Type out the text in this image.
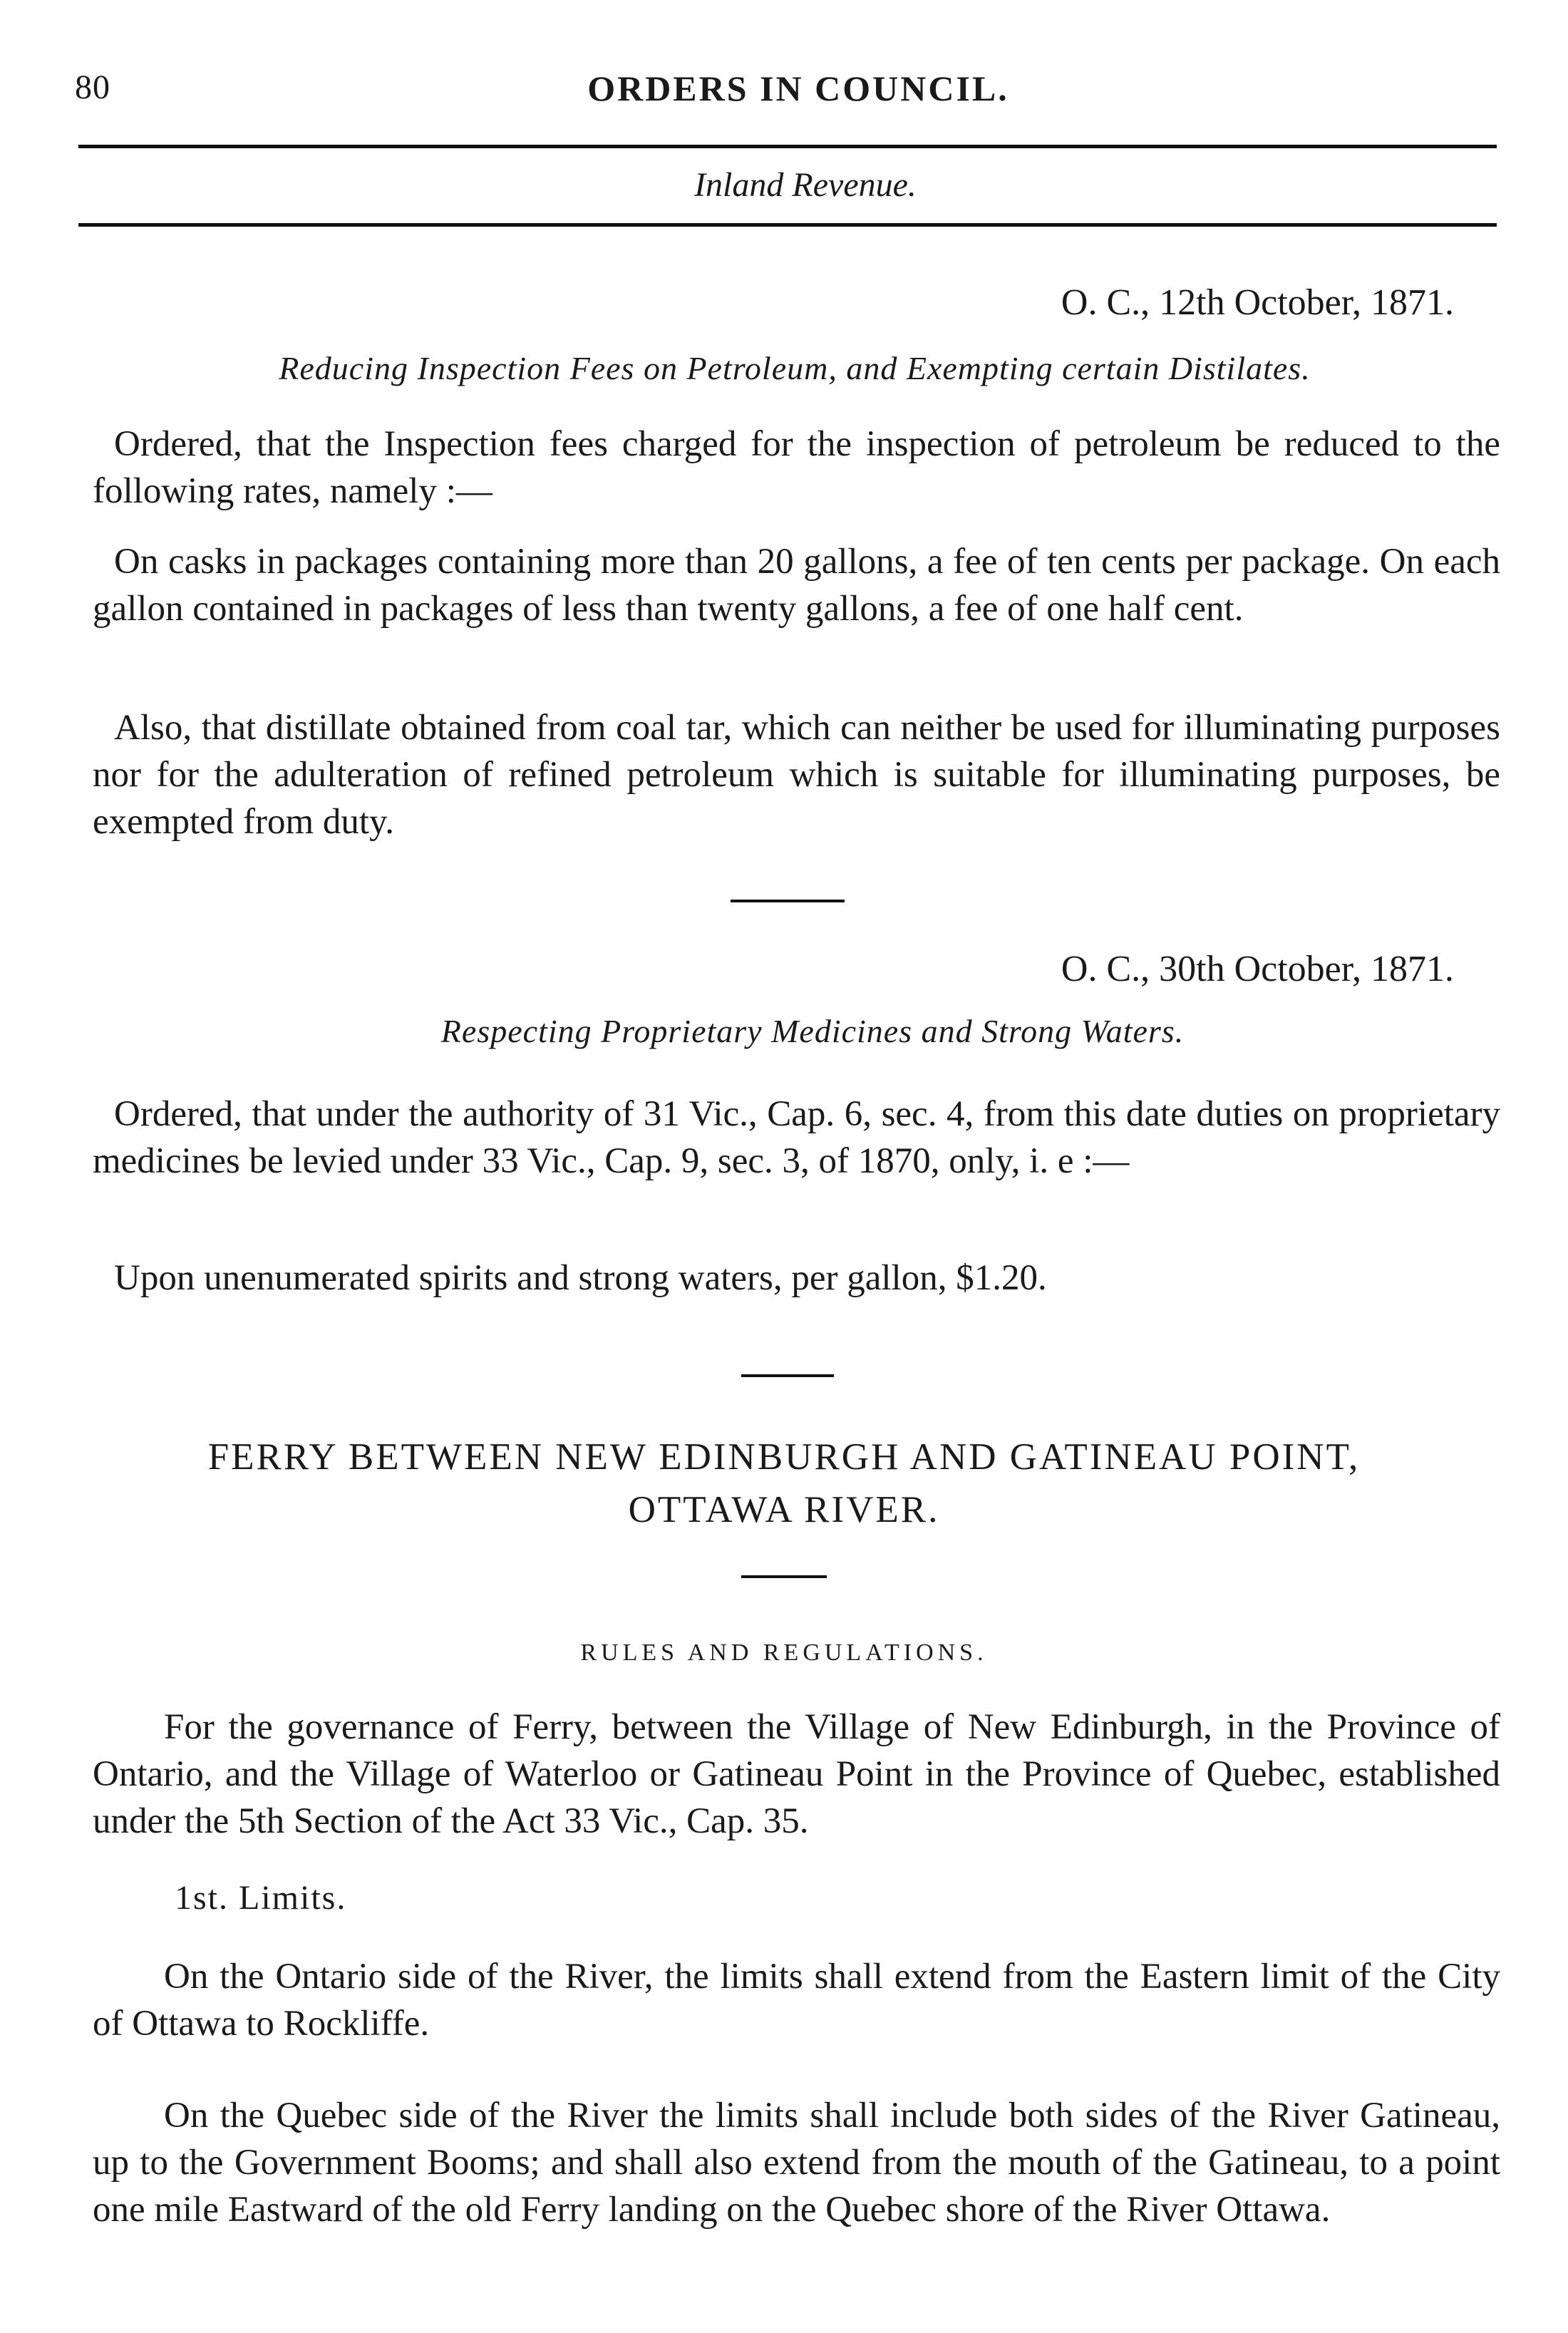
80	ORDERS IN COUNCIL.
Inland Revenue.
O. C., 12th October, 1871.
Reducing Inspection Fees on Petroleum, and Exempting certain Distilates.
Ordered, that the Inspection fees charged for the inspection of petroleum be reduced to the following rates, namely :—
On casks in packages containing more than 20 gallons, a fee of ten cents per package. On each gallon contained in packages of less than twenty gallons, a fee of one half cent.
Also, that distillate obtained from coal tar, which can neither be used for illuminating purposes nor for the adulteration of refined petroleum which is suitable for illuminating purposes, be exempted from duty.
O. C., 30th October, 1871.
Respecting Proprietary Medicines and Strong Waters.
Ordered, that under the authority of 31 Vic., Cap. 6, sec. 4, from this date duties on proprietary medicines be levied under 33 Vic., Cap. 9, sec. 3, of 1870, only, i. e :—
Upon unenumerated spirits and strong waters, per gallon, $1.20.
FERRY BETWEEN NEW EDINBURGH AND GATINEAU POINT,
OTTAWA RIVER.
RULES AND REGULATIONS.
For the governance of Ferry, between the Village of New Edinburgh, in the Province of Ontario, and the Village of Waterloo or Gatineau Point in the Province of Quebec, established under the 5th Section of the Act 33 Vic., Cap. 35.
1st. Limits.
On the Ontario side of the River, the limits shall extend from the Eastern limit of the City of Ottawa to Rockliffe.
On the Quebec side of the River the limits shall include both sides of the River Gatineau, up to the Government Booms; and shall also extend from the mouth of the Gatineau, to a point one mile Eastward of the old Ferry landing on the Quebec shore of the River Ottawa.
